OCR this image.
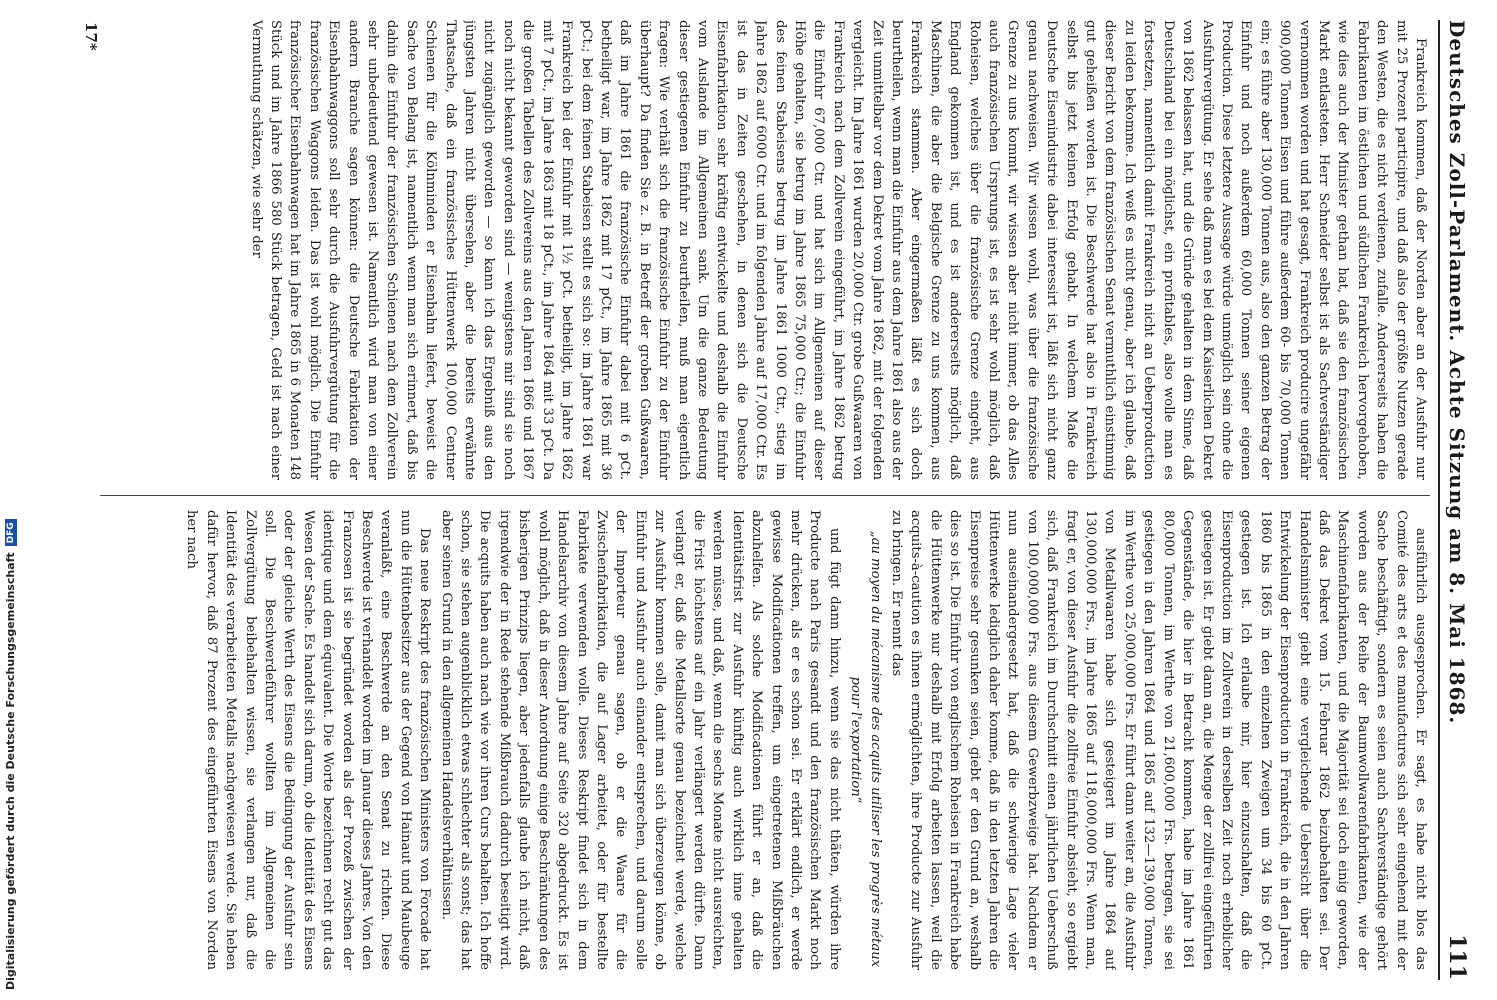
Digitalisierung gefördert durch die Deutsche Forschungsgemeinschaft
DFG	Deutsches Zoll-Parlament. Achte Sitzung am 8. Mai 1868.
111

Frankreich kommen, daß der Norden aber an der Ausfuhr nur mit 25 Prozent participire, und daß also der größte Nutzen gerade den Westen, die es nicht verdienen, zufalle. Andererseits haben die Fabrikanten im östlichen und südlichen Frankreich hervorgehoben, wie dies auch der Minister gethan hat, daß sie den französischen Markt entlasteten. Herr Schneider selbst ist als Sachverständiger vernommen worden und hat gesagt, Frankreich producire ungefähr 900,000 Tonnen Eisen und führe außerdem 60- bis 70,000 Tonnen ein; es führe aber 130,000 Tonnen aus, also den ganzen Betrag der Einfuhr und noch außerdem 60,000 Tonnen seiner eigenen Production. Diese letztere Aussage würde unmöglich sein ohne die Ausfuhrvergütung. Er sehe daß man es bei dem Kaiserlichen Dekret von 1862 belassen hat, und die Gründe gehalten in dem Sinne, daß Deutschland bei ein möglichst, ein profitables, also wolle man es fortsetzen, namentlich damit Frankreich nicht an Ueberproduction zu leiden bekomme. Ich weiß es nicht genau, aber ich glaube, daß dieser Bericht von dem französischen Senat vermuthlich einstimmig gut geheißen worden ist. Die Beschwerde hat also in Frankreich selbst bis jetzt keinen Erfolg gehabt. In welchem Maße die Deutsche Eisenindustrie dabei interessirt ist, läßt sich nicht ganz genau nachweisen. Wir wissen wohl, was über die französische Grenze zu uns kommt, wir wissen aber nicht immer, ob das Alles auch französischen Ursprungs ist, es ist sehr wohl möglich, daß Roheisen, welches über die französische Grenze eingeht, aus England gekommen ist, und es ist andererseits möglich, daß Maschinen, die aber die Belgische Grenze zu uns kommen, aus Frankreich stammen. Aber eingermaßen läßt es sich doch beurtheilen, wenn man die Einfuhr aus dem Jahre 1861 also aus der Zeit unmittelbar vor dem Dekret vom Jahre 1862, mit der folgenden vergleicht. Im Jahre 1861 wurden 20,000 Ctr. grobe Gußwaaren von Frankreich nach dem Zollverein eingeführt, im Jahre 1862 betrug die Einfuhr 67,000 Ctr. und hat sich im Allgemeinen auf dieser Höhe gehalten, sie betrug im Jahre 1865 75,000 Ctr.; die Einfuhr des feinen Stabeisens betrug im Jahre 1861 1000 Ctr., stieg im Jahre 1862 auf 6000 Ctr. und im folgenden Jahre auf 17,000 Ctr. Es ist das in Zeiten geschehen, in denen sich die Deutsche Eisenfabrikation sehr kräftig entwickelte und deshalb die Einfuhr vom Auslande im Allgemeinen sank. Um die ganze Bedeutung dieser gestiegenen Einfuhr zu beurtheilen, muß man eigentlich fragen: Wie verhält sich die französische Einfuhr zu der Einfuhr überhaupt? Da finden Sie z. B. in Betreff der groben Gußwaaren, daß im Jahre 1861 die französische Einfuhr dabei mit 6 pCt. betheiligt war, im Jahre 1862 mit 17 pCt., im Jahre 1865 mit 36 pCt.; bei dem feinen Stabeisen stellt es sich so: im Jahre 1861 war Frankreich bei der Einfuhr mit 1½ pCt. betheiligt, im Jahre 1862 mit 7 pCt., im Jahre 1863 mit 18 pCt., im Jahre 1864 mit 33 pCt. Da die großen Tabellen des Zollvereins aus den Jahren 1866 und 1867 noch nicht bekannt geworden sind — wenigstens mir sind sie noch nicht zugänglich geworden — so kann ich das Ergebniß aus den jüngsten Jahren nicht übersehen, aber die bereits erwähnte Thatsache, daß ein französisches Hüttenwerk 100,000 Centner Schienen für die Kölnminden er Eisenbahn liefert, beweist die Sache von Belang ist, namentlich wenn man sich erinnert, daß bis dahin die Einfuhr der französischen Schienen nach dem Zollverein sehr unbedeutend gewesen ist. Namentlich wird man von einer andern Branche sagen können: die Deutsche Fabrikation der Eisenbahnwaggons soll sehr durch die Ausfuhrvergütung für die französischen Waggons leiden. Das ist wohl möglich. Die Einfuhr französischer Eisenbahnwagen hat im Jahre 1865 in 6 Monaten 148 Stück und im Jahre 1866 580 Stück betragen, Geld ist nach einer Vermuthung schätzen, wie sehr der

ausführlich ausgesprochen. Er sagt, es habe nicht blos das Comité des arts et des manufactures sich sehr eingehend mit der Sache beschäftigt, sondern es seien auch Sachverständige gehört worden aus der Reihe der Baumwollwarenfabrikanten, wie der Maschinenfabrikanten, und die Majorität sei doch einig geworden, daß das Dekret vom 15. Februar 1862 beizubehalten sei. Der Handelsminister giebt eine vergleichende Uebersicht über die Entwickelung der Eisenproduction in Frankreich, die in den Jahren 1860 bis 1865 in den einzelnen Zweigen um 34 bis 60 pCt. gestiegen ist. Ich erlaube mir, hier einzuschalten, daß die Eisenproduction im Zollverein in derselben Zeit noch erheblicher gestiegen ist. Er giebt dann an, die Menge der zollfrei eingeführten Gegenstände, die hier in Betracht kommen, habe im Jahre 1861 80,000 Tonnen, im Werthe von 21,600,000 Frs. betragen, sie sei gestiegen in den Jahren 1864 und 1865 auf 132—139,000 Tonnen, im Werthe von 25,000,000 Frs. Er führt dann weiter an, die Ausfuhr von Metallwaaren habe sich gesteigert im Jahre 1864 auf 130,000,000 Frs., im Jahre 1865 auf 118,000,000 Frs. Wenn man, fragt er, von dieser Ausfuhr die zollfreie Einfuhr absieht, so ergiebt sich, daß Frankreich im Durchschnitt einen jährlichen Ueberschuß von 100,000,000 Frs. aus diesem Gewerbzweige hat. Nachdem er nun auseinandergesetzt hat, daß die schwierige Lage vieler Hüttenwerke lediglich daher komme, daß in den letzten Jahren die Eisenpreise sehr gesunken seien, giebt er den Grund an, weshalb dies so ist. Die Einfuhr von englischem Roheisen in Frankreich habe die Hüttenwerke nur deshalb mit Erfolg arbeiten lassen, weil die acquits-à-caution es ihnen ermöglichten, ihre Producte zur Ausfuhr zu bringen. Er nennt das

„au moyen du mécanisme des acquits utiliser les progrès métaux pour l'exportation“

und fügt dann hinzu, wenn sie das nicht thäten, würden ihre Producte nach Paris gesandt und den französischen Markt noch mehr drücken, als er es schon sei. Er erklärt endlich, er werde gewisse Modificationen treffen, um eingetretenen Mißbräuchen abzuhelfen. Als solche Modificationen führt er an, daß die Identitätsfrist zur Ausfuhr künftig auch wirklich inne gehalten werden müsse, und daß, wenn die sechs Monate nicht ausreichten, die Frist höchstens auf ein Jahr verlängert werden dürfte. Dann verlangt er, daß die Metallsorte genau bezeichnet werde, welche zur Ausfuhr kommen solle, damit man sich überzeugen könne, ob Einfuhr und Ausfuhr auch einander entsprechen, und darum solle der Importeur genau sagen, ob er die Waare für die Zwischenfabrikation, die auf Lager arbeitet, oder für bestellte Fabrikate verwenden wolle. Dieses Reskript findet sich in dem Handelsarchiv von diesem Jahre auf Seite 320 abgedruckt. Es ist wohl möglich, daß in dieser Anordnung einige Beschränkungen des bisherigen Prinzips liegen, aber jedenfalls glaube ich nicht, daß irgendwie der in Rede stehende Mißbrauch dadurch beseitigt wird. Die acquits haben auch nach wie vor ihren Curs behalten. Ich hoffe schon, sie stehen augenblicklich etwas schlechter als sonst; das hat aber seinen Grund in den allgemeinen Handelsverhältnissen.

Das neue Reskript des französischen Ministers von Forcade hat nun die Hüttenbesitzer aus der Gegend von Hainaut und Maubeuge veranlaßt, eine Beschwerde an den Senat zu richten. Diese Beschwerde ist verhandelt worden im Januar dieses Jahres. Von den Franzosen ist sie begründet worden als der Prozeß zwischen der identique und dem équivalent. Die Worte bezeichnen recht gut das Wesen der Sache. Es handelt sich darum, ob die Identität des Eisens oder der gleiche Werth des Eisens die Bedingung der Ausfuhr sein soll. Die Beschwerdeführer wollten im Allgemeinen die Zollvergütung beibehalten wissen, sie verlangen nur, daß die Identität des verarbeiteten Metalls nachgewiesen werde. Sie heben dafür hervor, daß 87 Prozent des eingeführten Eisens von Norden her nach

17*
